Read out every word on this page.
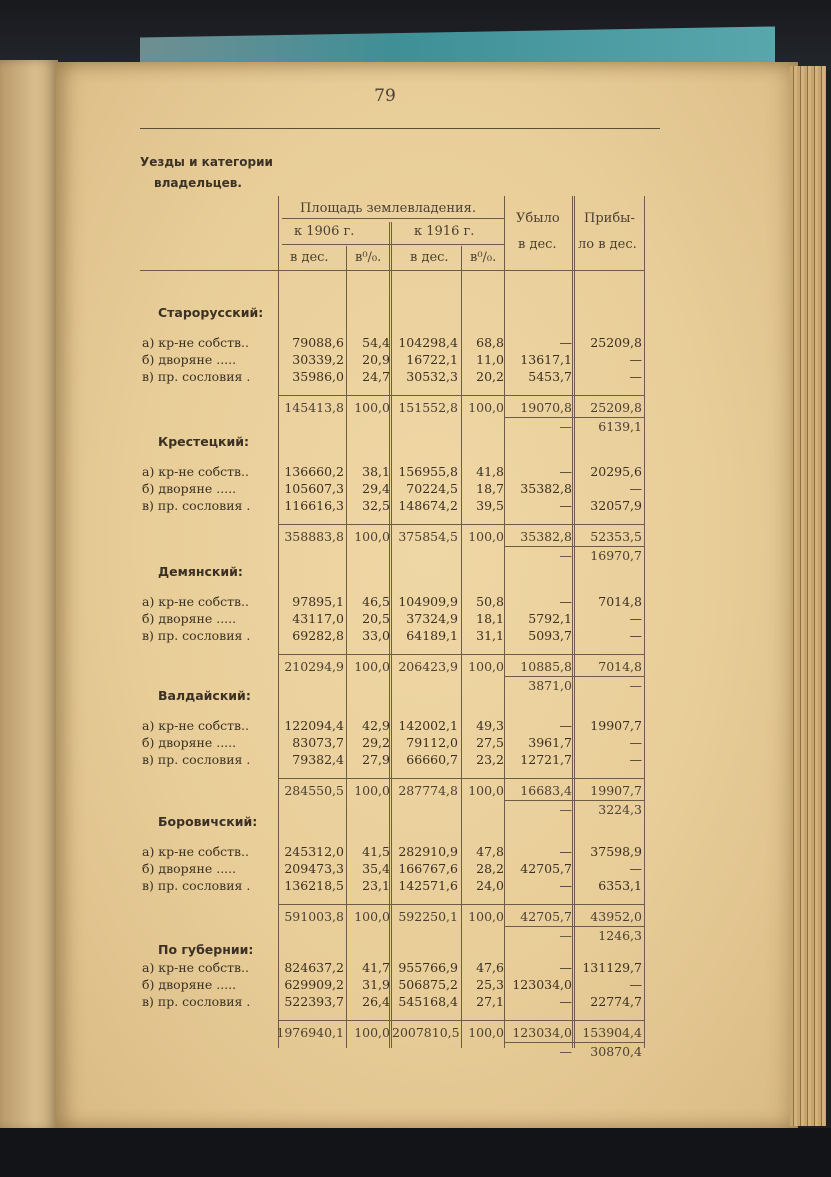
79
Уезды и категории
владельцев.
Площадь землевладения.
к 1906 г.	к 1916 г.
в дес. в⁰/₀. в дес. в⁰/₀.
Убыло
в дес.
Прибы-
ло в дес.
Старорусский:
а) кр-не собств..	79088,6	54,4 104298,4	68,8	—	25209,8
б) дворяне .....	30339,2	20,9	16722,1	11,0	13617,1	—
в) пр. сословия .	35986,0	24,7	30532,3	20,2	5453,7	—
145413,8 100,0 151552,8 100,0	19070,8	25209,8
—	6139,1
Крестецкий:
а) кр-не собств..	136660,2	38,1 156955,8	41,8	—	20295,6
б) дворяне .....	105607,3	29,4	70224,5	18,7	35382,8	—
в) пр. сословия .	116616,3	32,5 148674,2	39,5	—	32057,9
358883,8 100,0 375854,5 100,0	35382,8	52353,5
—	16970,7
Демянский:
а) кр-не собств..	97895,1	46,5 104909,9	50,8	—	7014,8
б) дворяне .....	43117,0	20,5	37324,9	18,1	5792,1	—
в) пр. сословия .	69282,8	33,0	64189,1	31,1	5093,7	—
210294,9 100,0 206423,9 100,0	10885,8	7014,8
3871,0	—
Валдайский:
а) кр-не собств..	122094,4	42,9 142002,1	49,3	—	19907,7
б) дворяне .....	83073,7	29,2	79112,0	27,5	3961,7	—
в) пр. сословия .	79382,4	27,9	66660,7	23,2	12721,7	—
284550,5 100,0 287774,8 100,0	16683,4	19907,7
—	3224,3
Боровичский:
а) кр-не собств..	245312,0	41,5 282910,9	47,8	—	37598,9
б) дворяне .....	209473,3	35,4 166767,6	28,2	42705,7	—
в) пр. сословия .	136218,5	23,1 142571,6	24,0	—	6353,1
591003,8 100,0 592250,1 100,0	42705,7	43952,0
—	1246,3
По губернии:
а) кр-не собств..	824637,2	41,7 955766,9	47,6	— 131129,7
б) дворяне .....	629909,2	31,9 506875,2	25,3 123034,0	—
в) пр. сословия .	522393,7	26,4 545168,4	27,1	—	22774,7
1976940,1 100,0 2007810,5 100,0 123034,0 153904,4
—	30870,4
